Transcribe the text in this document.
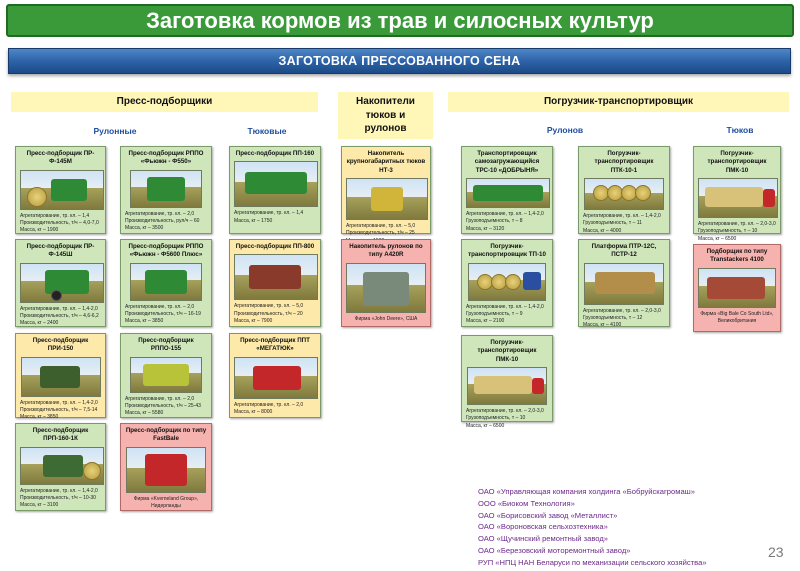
Заготовка кормов из трав и силосных культур
ЗАГОТОВКА ПРЕССОВАННОГО СЕНА
Пресс-подборщики	Накопители тюков и рулонов
Погрузчик-транспортировщик
Рулонные	Тюковые	Рулонов	Тюков
Пресс-подборщик ПР-Ф-145М
Агрегатирование, тр. кл. – 1,4
Производительность, т/ч – 4,0-7,0
Масса, кг – 1900
Пресс-подборщик ПР-Ф-145Ш
Агрегатирование, тр. кл. – 1,4-2,0
Производительность, т/ч – 4,6-6,2
Масса, кг – 2400
Пресс-подборщик ПРИ-150
Агрегатирование, тр. кл. – 1,4-2,0
Производительность, т/ч – 7,5-14
Масса, кг – 3850
Пресс-подборщик ПРП-160-1К
Агрегатирование, тр. кл. – 1,4-2,0
Производительность, т/ч – 10-30
Масса, кг – 3100
Пресс-подборщик РППО «Фьюжн - Ф550»
Агрегатирование, тр. кл. – 2,0
Производительность, рул/ч – 60
Масса, кг – 3500
Пресс-подборщик РППО «Фьюжн - Ф5600 Плюс»
Агрегатирование, тр. кл. – 2,0
Производительность, т/ч – 16-19
Масса, кг – 3850
Пресс-подборщик РППО-155
Агрегатирование, тр. кл. – 2,0
Производительность, т/ч – 25-43
Масса, кг – 5580
Пресс-подборщик по типу FastBale
Фирма «Kverneland Group», Нидерланды
Пресс-подборщик ПП-160
Агрегатирование, тр. кл. – 1,4
Масса, кг – 1750
Пресс-подборщик ПП-800
Агрегатирование, тр. кл. – 5,0
Производительность, т/ч – 20
Масса, кг – 7900
Пресс-подборщик ППТ «МЕГАТЮК»
Агрегатирование, тр. кл. – 2,0
Масса, кг – 8000
Накопитель крупногабаритных тюков НТ-3
Агрегатирование, тр. кл. – 5,0
Производительность, т/ч – 25
Накопитель рулонов по типу А420R
Фирма «John Deere», США
Транспортировщик самозагружающийся ТРС-10 «ДОБРЫНЯ»
Агрегатирование, тр. кл. – 1,4-2,0
Грузоподъемность, т – 8
Масса, кг – 3120
Погрузчик-транспортировщик ТП-10
Агрегатирование, тр. кл. – 1,4-2,0
Грузоподъемность, т – 9
Масса, кг – 2100
Погрузчик-транспортировщик ПМК-10
Агрегатирование, тр. кл. – 2,0-3,0
Грузоподъемность, т – 10
Масса, кг – 6500
Погрузчик-транспортировщик ПТК-10-1
Агрегатирование, тр. кл. – 1,4-2,0
Грузоподъемность, т – 11
Масса, кг – 4000
Платформа ПТР-12С, ПСТР-12
Агрегатирование, тр. кл. – 2,0-3,0
Грузоподъемность, т – 12
Масса, кг – 4100
Погрузчик-транспортировщик ПМК-10
Агрегатирование, тр. кл. – 2,0-3,0
Грузоподъемность, т – 10
Масса, кг – 6500
Подборщик по типу Transtackers 4100
Фирма «Big Bale Co South Ltd», Великобритания
ОАО «Управляющая компания холдинга «Бобруйскагромаш»
ООО «Биоком Технология»
ОАО «Борисовский завод «Металлист»
ОАО «Вороновская сельхозтехника»
ОАО «Щучинский ремонтный завод»
ОАО «Березовский моторемонтный завод»
РУП «НПЦ НАН Беларуси по механизации сельского хозяйства»
23
